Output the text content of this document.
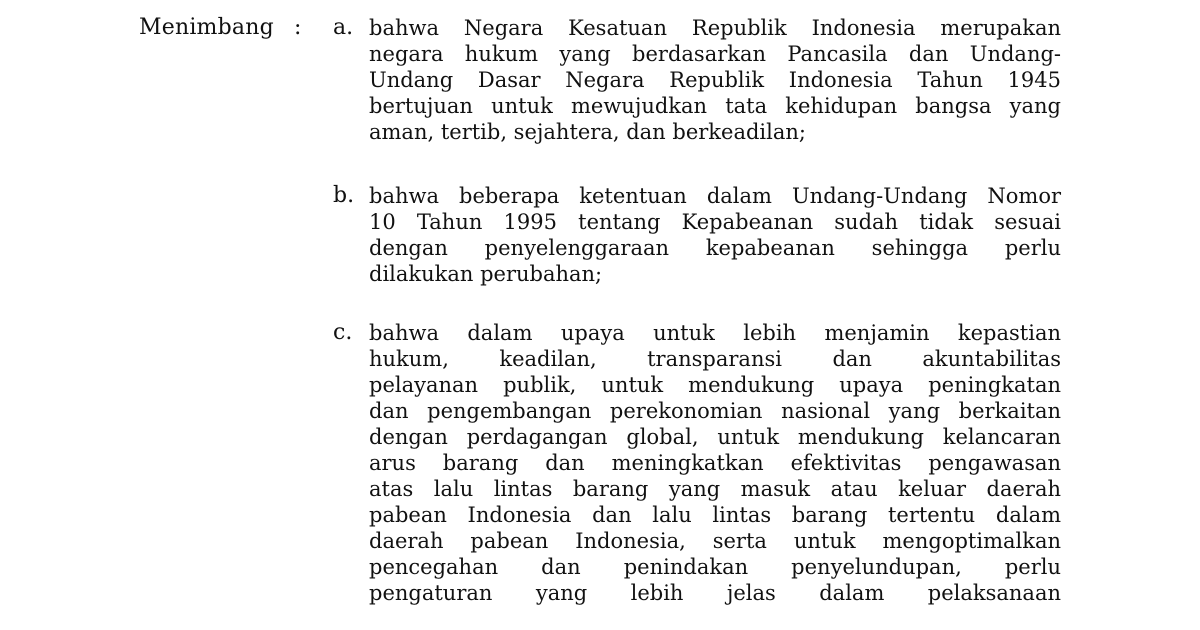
Menimbang : a. bahwa Negara Kesatuan Republik Indonesia merupakan
negara hukum yang berdasarkan Pancasila dan Undang-
Undang Dasar Negara Republik Indonesia Tahun 1945
bertujuan untuk mewujudkan tata kehidupan bangsa yang
aman, tertib, sejahtera, dan berkeadilan;
b. bahwa beberapa ketentuan dalam Undang-Undang Nomor
10 Tahun 1995 tentang Kepabeanan sudah tidak sesuai
dengan penyelenggaraan kepabeanan sehingga perlu
dilakukan perubahan;
c. bahwa dalam upaya untuk lebih menjamin kepastian
hukum, keadilan, transparansi dan akuntabilitas
pelayanan publik, untuk mendukung upaya peningkatan
dan pengembangan perekonomian nasional yang berkaitan
dengan perdagangan global, untuk mendukung kelancaran
arus barang dan meningkatkan efektivitas pengawasan
atas lalu lintas barang yang masuk atau keluar daerah
pabean Indonesia dan lalu lintas barang tertentu dalam
daerah pabean Indonesia, serta untuk mengoptimalkan
pencegahan dan penindakan penyelundupan, perlu
pengaturan yang lebih jelas dalam pelaksanaan
